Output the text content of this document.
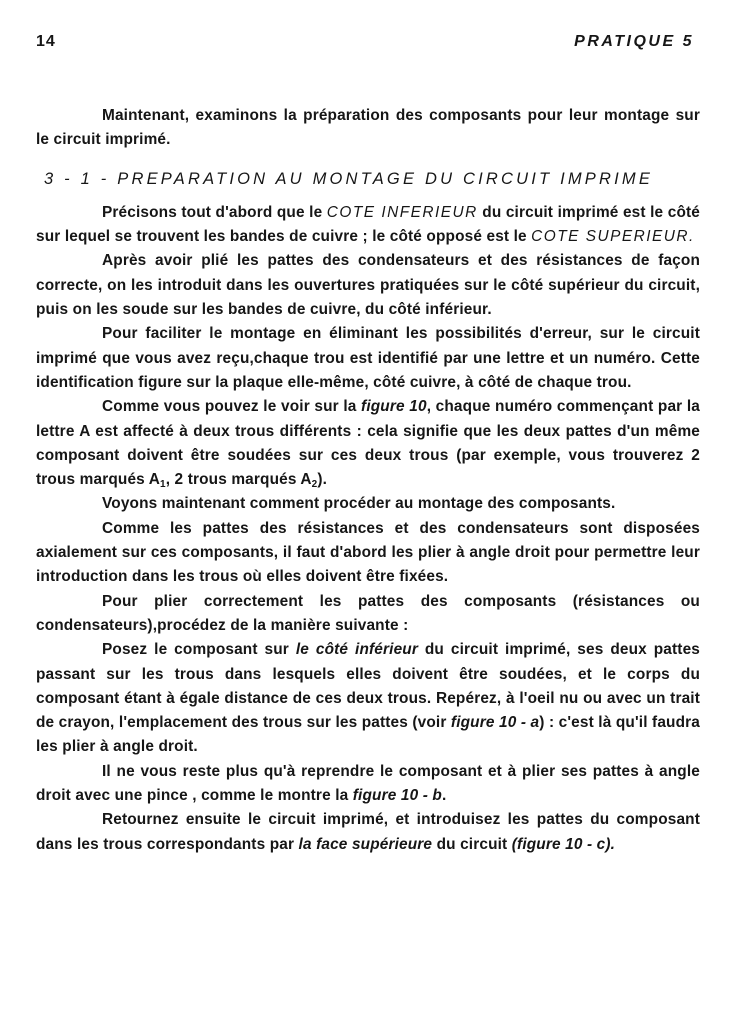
14	PRATIQUE 5

Maintenant, examinons la préparation des composants pour leur montage sur le circuit imprimé.

3 - 1 - PREPARATION AU MONTAGE DU CIRCUIT IMPRIME

Précisons tout d'abord que le COTE INFERIEUR du circuit imprimé est le côté sur lequel se trouvent les bandes de cuivre ; le côté opposé est le COTE SUPERIEUR.

Après avoir plié les pattes des condensateurs et des résistances de façon correcte, on les introduit dans les ouvertures pratiquées sur le côté supérieur du circuit, puis on les soude sur les bandes de cuivre, du côté inférieur.

Pour faciliter le montage en éliminant les possibilités d'erreur, sur le circuit imprimé que vous avez reçu,chaque trou est identifié par une lettre et un numéro. Cette identification figure sur la plaque elle-même, côté cuivre, à côté de chaque trou.

Comme vous pouvez le voir sur la figure 10, chaque numéro commençant par la lettre A est affecté à deux trous différents : cela signifie que les deux pattes d'un même composant doivent être soudées sur ces deux trous (par exemple, vous trouverez 2 trous marqués $A_1$, 2 trous marqués $A_2$).

Voyons maintenant comment procéder au montage des composants.

Comme les pattes des résistances et des condensateurs sont disposées axialement sur ces composants, il faut d'abord les plier à angle droit pour permettre leur introduction dans les trous où elles doivent être fixées.

Pour plier correctement les pattes des composants (résistances ou condensateurs),procédez de la manière suivante :

Posez le composant sur le côté inférieur du circuit imprimé, ses deux pattes passant sur les trous dans lesquels elles doivent être soudées, et le corps du composant étant à égale distance de ces deux trous. Repérez, à l'oeil nu ou avec un trait de crayon, l'emplacement des trous sur les pattes (voir figure 10 - a) : c'est là qu'il faudra les plier à angle droit.

Il ne vous reste plus qu'à reprendre le composant et à plier ses pattes à angle droit avec une pince , comme le montre la figure 10 - b.

Retournez ensuite le circuit imprimé, et introduisez les pattes du composant dans les trous correspondants par la face supérieure du circuit (figure 10 - c).
